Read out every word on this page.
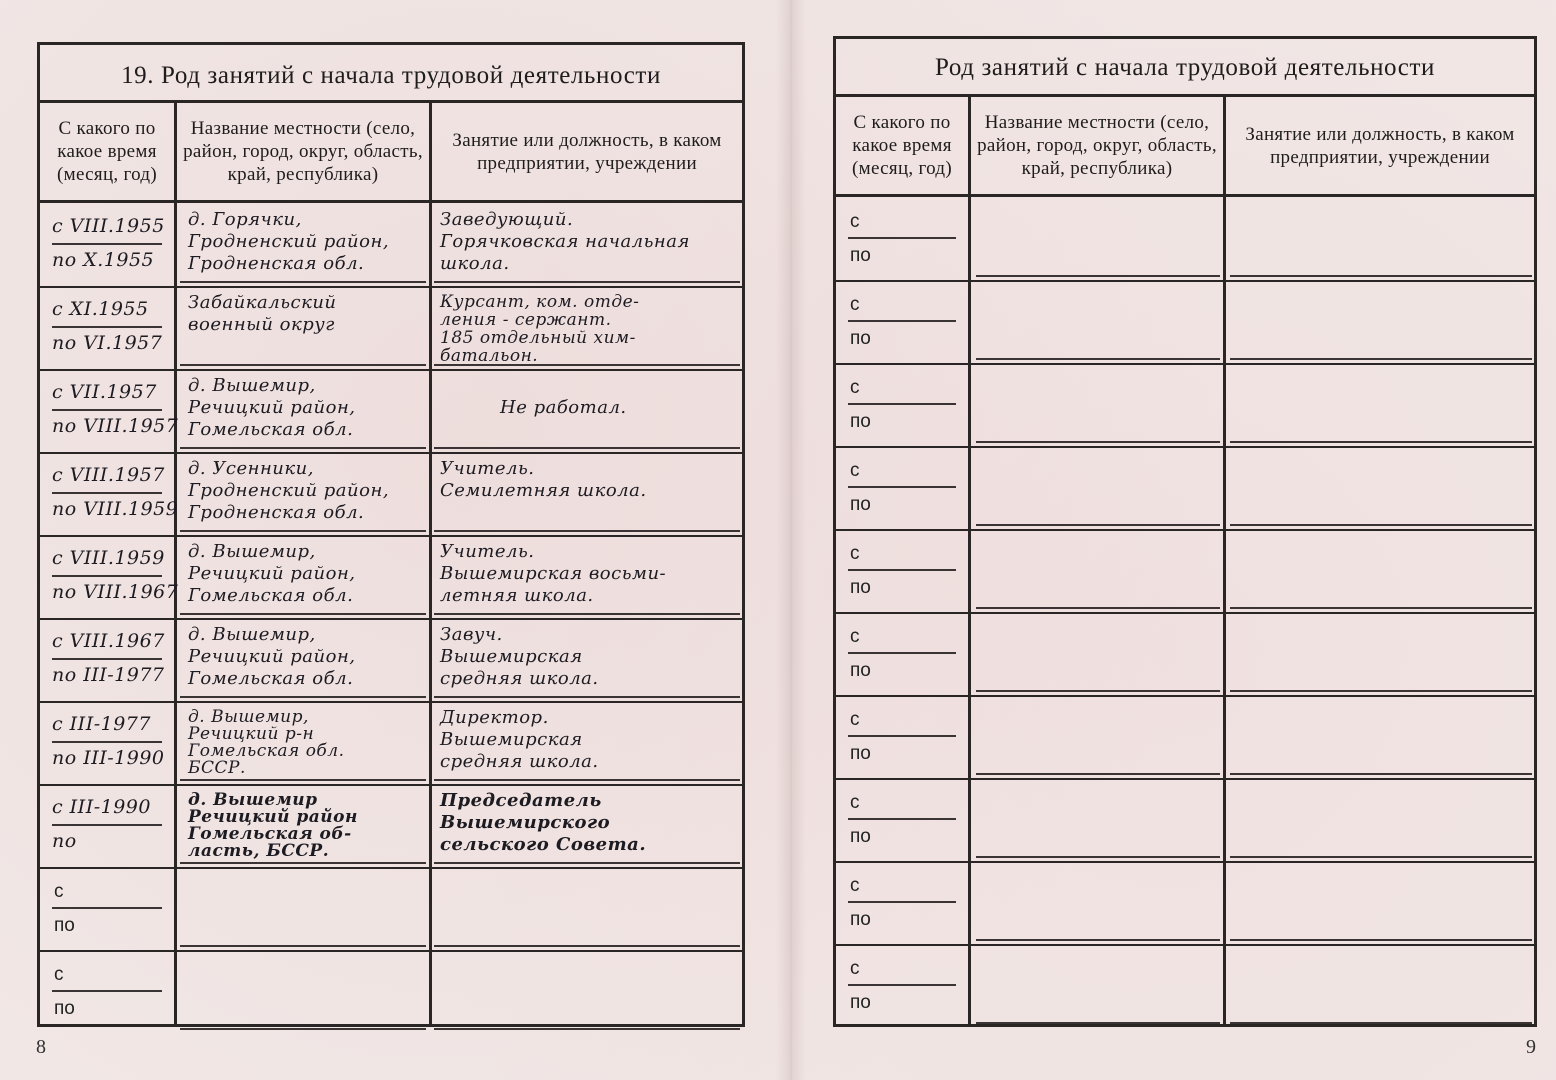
19. Род занятий с начала трудовой деятельности
С какого по какое время (месяц, год)
Название местности (село, район, город, округ, область, край, республика)
Занятие или должность, в каком предприятии, учреждении
с VIII.1955
по X.1955
д. Горячки,
Гродненский район,
Гродненская обл.
Заведующий.
Горячковская начальная
школа.
с XI.1955
по VI.1957
Забайкальский
военный округ
Курсант, ком. отде-
ления - сержант.
185 отдельный хим-
батальон.
с VII.1957
по VIII.1957
д. Вышемир,
Речицкий район,
Гомельская обл.
Не работал.
с VIII.1957
по VIII.1959
д. Усенники,
Гродненский район,
Гродненская обл.
Учитель.
Семилетняя школа.
с VIII.1959
по VIII.1967
д. Вышемир,
Речицкий район,
Гомельская обл.
Учитель.
Вышемирская восьми-
летняя школа.
с VIII.1967
по III-1977
д. Вышемир,
Речицкий район,
Гомельская обл.
Завуч.
Вышемирская
средняя школа.
с III-1977
по III-1990
д. Вышемир,
Речицкий р-н
Гомельская обл.
БССР.
Директор.
Вышемирская
средняя школа.
с III-1990
по
д. Вышемир
Речицкий район
Гомельская об-
ласть, БССР.
Председатель
Вышемирского
сельского Совета.
с
по
с
по
8
Род занятий с начала трудовой деятельности
С какого по какое время (месяц, год)
Название местности (село, район, город, округ, область, край, республика)
Занятие или должность, в каком предприятии, учреждении
с
по
с
по
с
по
с
по
с
по
с
по
с
по
с
по
с
по
с
по
9
